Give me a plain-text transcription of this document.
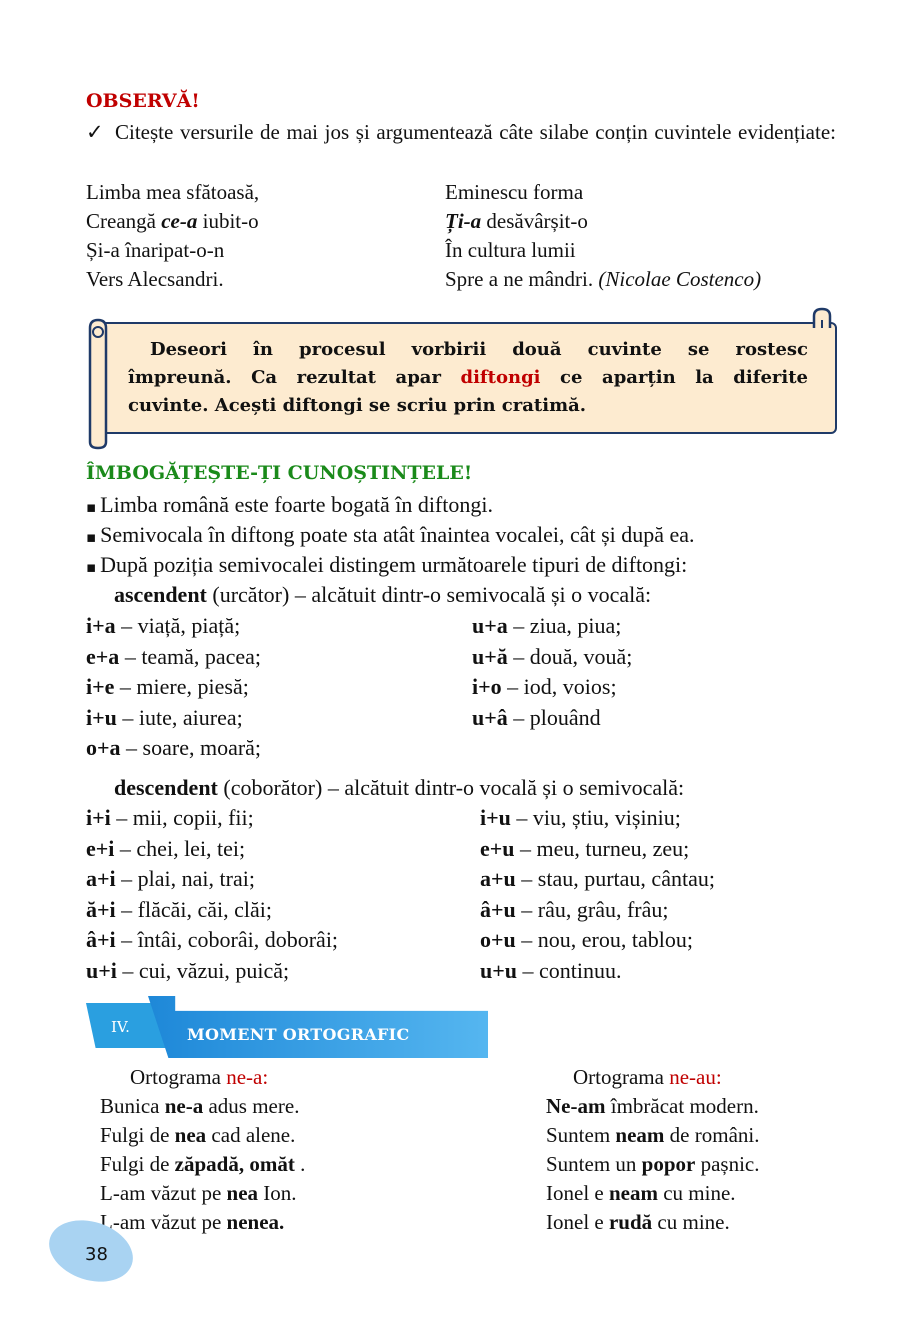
OBSERVĂ!
✓ Citește versurile de mai jos și argumentează câte silabe conțin cuvintele evidențiate:
Limba mea sfătoasă,
Creangă ce-a iubit-o
Și-a înaripat-o-n
Vers Alecsandri.
Eminescu forma
Ți-a desăvârșit-o
În cultura lumii
Spre a ne mândri. (Nicolae Costenco)
Deseori în procesul vorbirii două cuvinte se rostesc
împreună. Ca rezultat apar diftongi ce aparțin la diferite
cuvinte. Acești diftongi se scriu prin cratimă.
ÎMBOGĂȚEȘTE-ȚI CUNOȘTINȚELE!
▪ Limba română este foarte bogată în diftongi.
▪ Semivocala în diftong poate sta atât înaintea vocalei, cât și după ea.
▪ După poziția semivocalei distingem următoarele tipuri de diftongi:
ascendent (urcător) – alcătuit dintr-o semivocală și o vocală:
i+a – viață, piață;
e+a – teamă, pacea;
i+e – miere, piesă;
i+u – iute, aiurea;
o+a – soare, moară;
u+a – ziua, piua;
u+ă – două, vouă;
i+o – iod, voios;
u+â – plouând
descendent (coborător) – alcătuit dintr-o vocală și o semivocală:
i+i – mii, copii, fii;
e+i – chei, lei, tei;
a+i – plai, nai, trai;
ă+i – flăcăi, căi, clăi;
â+i – întâi, coborâi, doborâi;
u+i – cui, văzui, puică;
i+u – viu, știu, vișiniu;
e+u – meu, turneu, zeu;
a+u – stau, purtau, cântau;
â+u – râu, grâu, frâu;
o+u – nou, erou, tablou;
u+u – continuu.
IV.	MOMENT ORTOGRAFIC
Ortograma ne-a:	Ortograma ne-au:
Bunica ne-a adus mere.
Fulgi de nea cad alene.
Fulgi de zăpadă, omăt .
L-am văzut pe nea Ion.
L-am văzut pe nenea.
Ne-am îmbrăcat modern.
Suntem neam de români.
Suntem un popor pașnic.
Ionel e neam cu mine.
Ionel e rudă cu mine.
38
